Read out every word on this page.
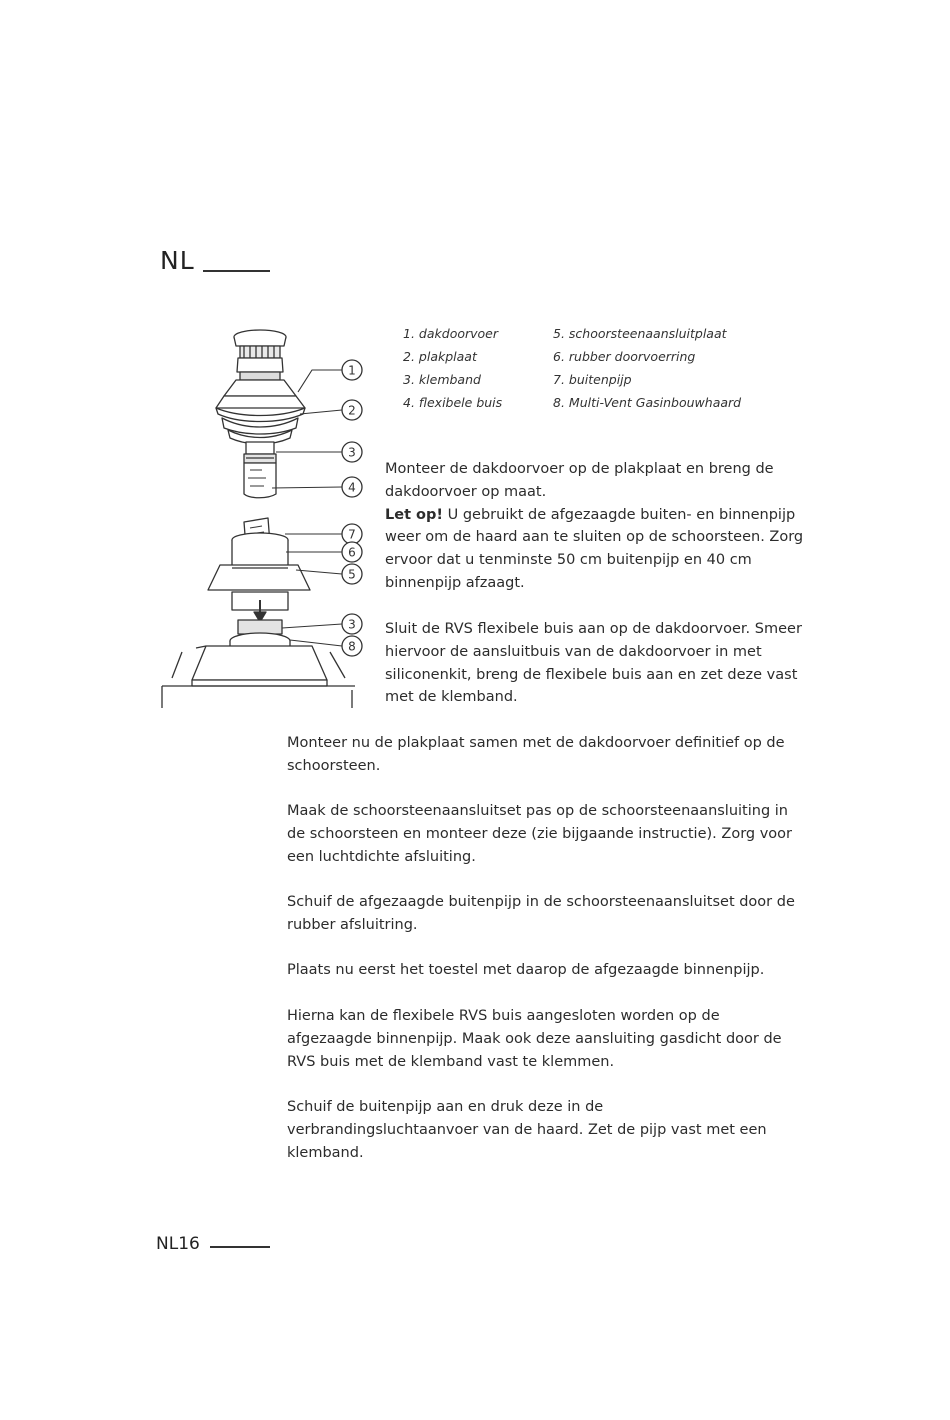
NL
1. dakdoorvoer
2. plakplaat
3. klemband
4. flexibele buis
5. schoorsteenaansluitplaat
6. rubber doorvoerring
7. buitenpijp
8. Multi-Vent Gasinbouwhaard
1
2
3
4
7
6
5
3
8

Monteer de dakdoorvoer op de plakplaat en breng de dakdoorvoer op maat.
Let op! U gebruikt de afgezaagde buiten- en binnenpijp weer om de haard aan te sluiten op de schoorsteen. Zorg ervoor dat u tenminste 50 cm buitenpijp en 40 cm binnenpijp afzaagt.

Sluit de RVS flexibele buis aan op de dakdoorvoer. Smeer hiervoor de aansluitbuis van de dakdoorvoer in met siliconenkit, breng de flexibele buis aan en zet deze vast met de klemband.

Monteer nu de plakplaat samen met de dakdoorvoer definitief op de schoorsteen.

Maak de schoorsteenaansluitset pas op de schoorsteenaansluiting in de schoorsteen en monteer deze (zie bijgaande instructie). Zorg voor een luchtdichte afsluiting.

Schuif de afgezaagde buitenpijp in de schoorsteenaansluitset door de rubber afsluitring.

Plaats nu eerst het toestel met daarop de afgezaagde binnenpijp.

Hierna kan de flexibele RVS buis aangesloten worden op de afgezaagde binnenpijp. Maak ook deze aansluiting gasdicht door de RVS buis met de klemband vast te klemmen.

Schuif de buitenpijp aan en druk deze in de verbrandingsluchtaanvoer van de haard. Zet de pijp vast met een klemband.

NL16
